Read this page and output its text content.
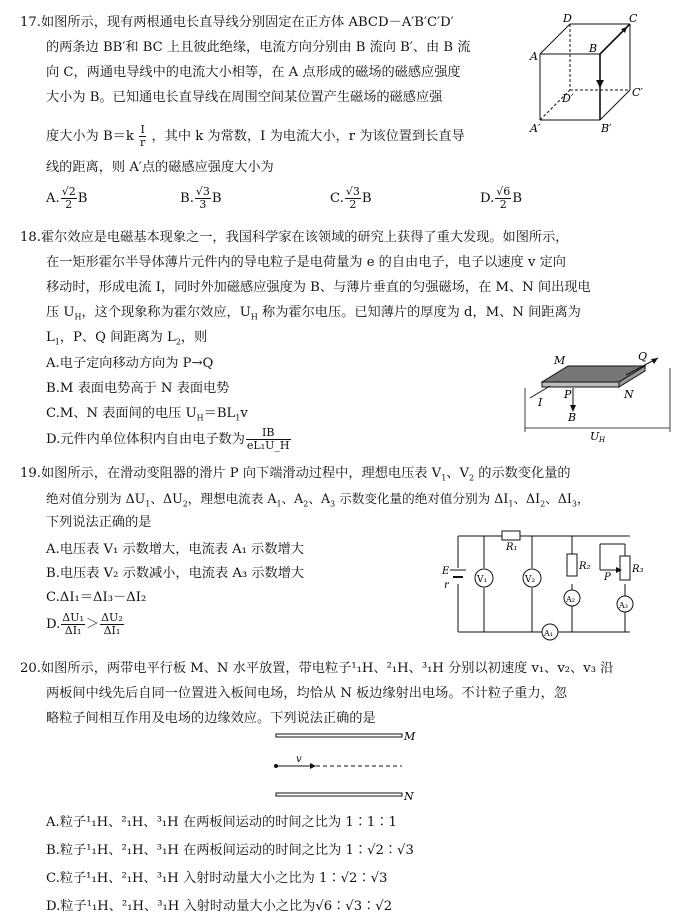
17.如图所示，现有两根通电长直导线分别固定在正方体 ABCD－A′B′C′D′
的两条边 BB′和 BC 上且彼此绝缘，电流方向分别由 B 流向 B′、由 B 流
向 C，两通电导线中的电流大小相等，在 A 点形成的磁场的磁感应强度
大小为 B。已知通电长直导线在周围空间某位置产生磁场的磁感应强
度大小为 $B=k \frac{I}{r}$ ，其中 k 为常数，I 为电流大小，r 为该位置到长直导
线的距离，则 A′点的磁感应强度大小为
A. $\frac{√2}{2}$ B	B. $\frac{√3}{3}$ B	C. $\frac{√3}{2}$ B	D. $\frac{√6}{2}$ B
D	C
A
B
D′	C′
A′	B′
18.霍尔效应是电磁基本现象之一，我国科学家在该领域的研究上获得了重大发现。如图所示，
在一矩形霍尔半导体薄片元件内的导电粒子是电荷量为 e 的自由电子，电子以速度 v 定向
移动时，形成电流 I，同时外加磁感应强度为 B、与薄片垂直的匀强磁场，在 M、N 间出现电
压 $U_H$，这个现象称为霍尔效应，$U_H$ 称为霍尔电压。已知薄片的厚度为 d，M、N 间距离为
$L_1$，P、Q 间距离为 $L_2$，则
A.电子定向移动方向为 P→Q
B.M 表面电势高于 N 表面电势
C.M、N 表面间的电压 $U_H=BL_1v$
D.元件内单位体积内自由电子数为 $\frac{IB}{\text{eL₁U\_H}}$
M
N
P
Q
I
B
U H
19.如图所示，在滑动变阻器的滑片 P 向下端滑动过程中，理想电压表 $V_1$、$V_2$ 的示数变化量的
绝对值分别为 $\Delta U_1$、$\Delta U_2$，理想电流表 $A_1$、$A_2$、$A_3$ 示数变化量的绝对值分别为 $\Delta I_1$、$\Delta I_2$、$\Delta I_3$，
下列说法正确的是
A.电压表 V₁ 示数增大，电流表 A₁ 示数增大
B.电压表 V₂ 示数减小，电流表 A₃ 示数增大
C.ΔI₁＝ΔI₃－ΔI₂
D. $\frac{\text{ΔU₁}}{\text{ΔI₁}} > \frac{\text{ΔU₂}}{\text{ΔI₁}}$
E
r
R₁
R₂	R₃
P
V₁	V₂
A₂
A₃
A₁
20.如图所示，两带电平行板 M、N 水平放置，带电粒子¹₁H、²₁H、³₁H 分别以初速度 v₁、v₂、v₃ 沿
两板间中线先后自同一位置进入板间电场，均恰从 N 板边缘射出电场。不计粒子重力，忽
略粒子间相互作用及电场的边缘效应。下列说法正确的是
M
N
v
A.粒子¹₁H、²₁H、³₁H 在两板间运动的时间之比为 1∶1∶1
B.粒子¹₁H、²₁H、³₁H 在两板间运动的时间之比为 1∶√2∶√3
C.粒子¹₁H、²₁H、³₁H 入射时动量大小之比为 1∶√2∶√3
D.粒子¹₁H、²₁H、³₁H 入射时动量大小之比为√6∶√3∶√2
